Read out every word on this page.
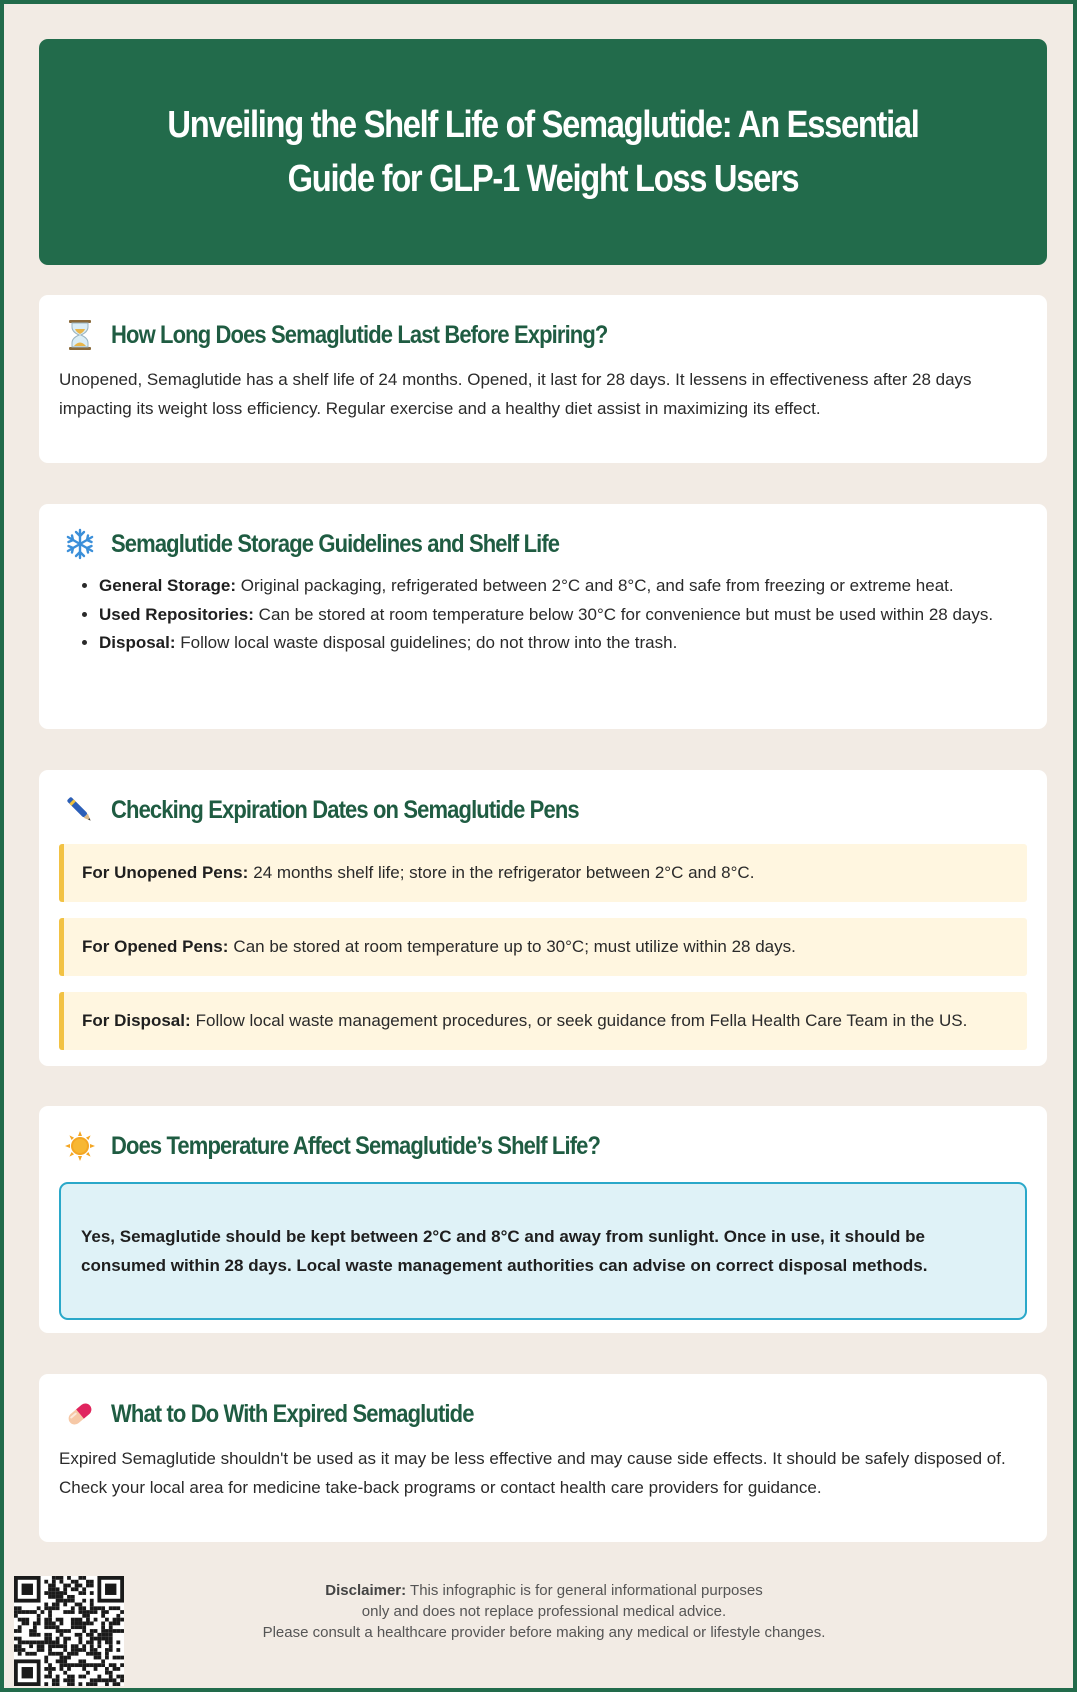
Unveiling the Shelf Life of Semaglutide: An Essential Guide for GLP-1 Weight Loss Users
How Long Does Semaglutide Last Before Expiring?

Unopened, Semaglutide has a shelf life of 24 months. Opened, it last for 28 days. It lessens in effectiveness after 28 days impacting its weight loss efficiency. Regular exercise and a healthy diet assist in maximizing its effect.

Semaglutide Storage Guidelines and Shelf Life
• General Storage: Original packaging, refrigerated between 2°C and 8°C, and safe from freezing or extreme heat.
• Used Repositories: Can be stored at room temperature below 30°C for convenience but must be used within 28 days.
• Disposal: Follow local waste disposal guidelines; do not throw into the trash.
Checking Expiration Dates on Semaglutide Pens
For Unopened Pens: 24 months shelf life; store in the refrigerator between 2°C and 8°C.
For Opened Pens: Can be stored at room temperature up to 30°C; must utilize within 28 days.
For Disposal: Follow local waste management procedures, or seek guidance from Fella Health Care Team in the US.
Does Temperature Affect Semaglutide’s Shelf Life?
Yes, Semaglutide should be kept between 2°C and 8°C and away from sunlight. Once in use, it should be consumed within 28 days. Local waste management authorities can advise on correct disposal methods.
What to Do With Expired Semaglutide

Expired Semaglutide shouldn't be used as it may be less effective and may cause side effects. It should be safely disposed of. Check your local area for medicine take-back programs or contact health care providers for guidance.

Disclaimer: This infographic is for general informational purposes
only and does not replace professional medical advice.
Please consult a healthcare provider before making any medical or lifestyle changes.
